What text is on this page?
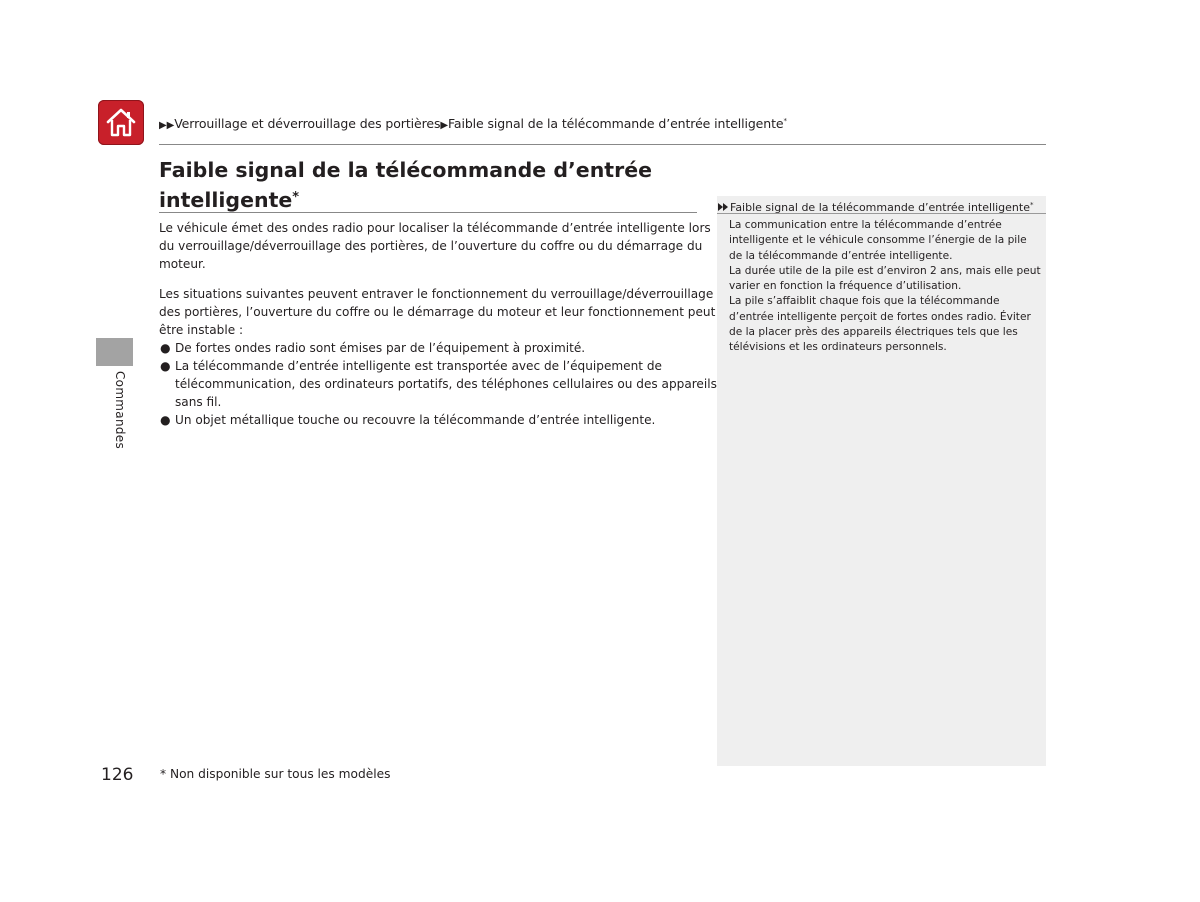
▶▶Verrouillage et déverrouillage des portières▶Faible signal de la télécommande d’entrée intelligente*
Faible signal de la télécommande d’entrée
intelligente*

Le véhicule émet des ondes radio pour localiser la télécommande d’entrée intelligente lors du verrouillage/déverrouillage des portières, de l’ouverture du coffre ou du démarrage du moteur.

Les situations suivantes peuvent entraver le fonctionnement du verrouillage/déverrouillage des portières, l’ouverture du coffre ou le démarrage du moteur et leur fonctionnement peut être instable :

● De fortes ondes radio sont émises par de l’équipement à proximité.
● La télécommande d’entrée intelligente est transportée avec de l’équipement de télécommunication, des ordinateurs portatifs, des téléphones cellulaires ou des appareils sans fil.
● Un objet métallique touche ou recouvre la télécommande d’entrée intelligente.
Commandes
Faible signal de la télécommande d’entrée intelligente*

La communication entre la télécommande d’entrée intelligente et le véhicule consomme l’énergie de la pile de la télécommande d’entrée intelligente.

La durée utile de la pile est d’environ 2 ans, mais elle peut varier en fonction la fréquence d’utilisation.

La pile s’affaiblit chaque fois que la télécommande d’entrée intelligente perçoit de fortes ondes radio. Éviter de la placer près des appareils électriques tels que les télévisions et les ordinateurs personnels.

126 * Non disponible sur tous les modèles
